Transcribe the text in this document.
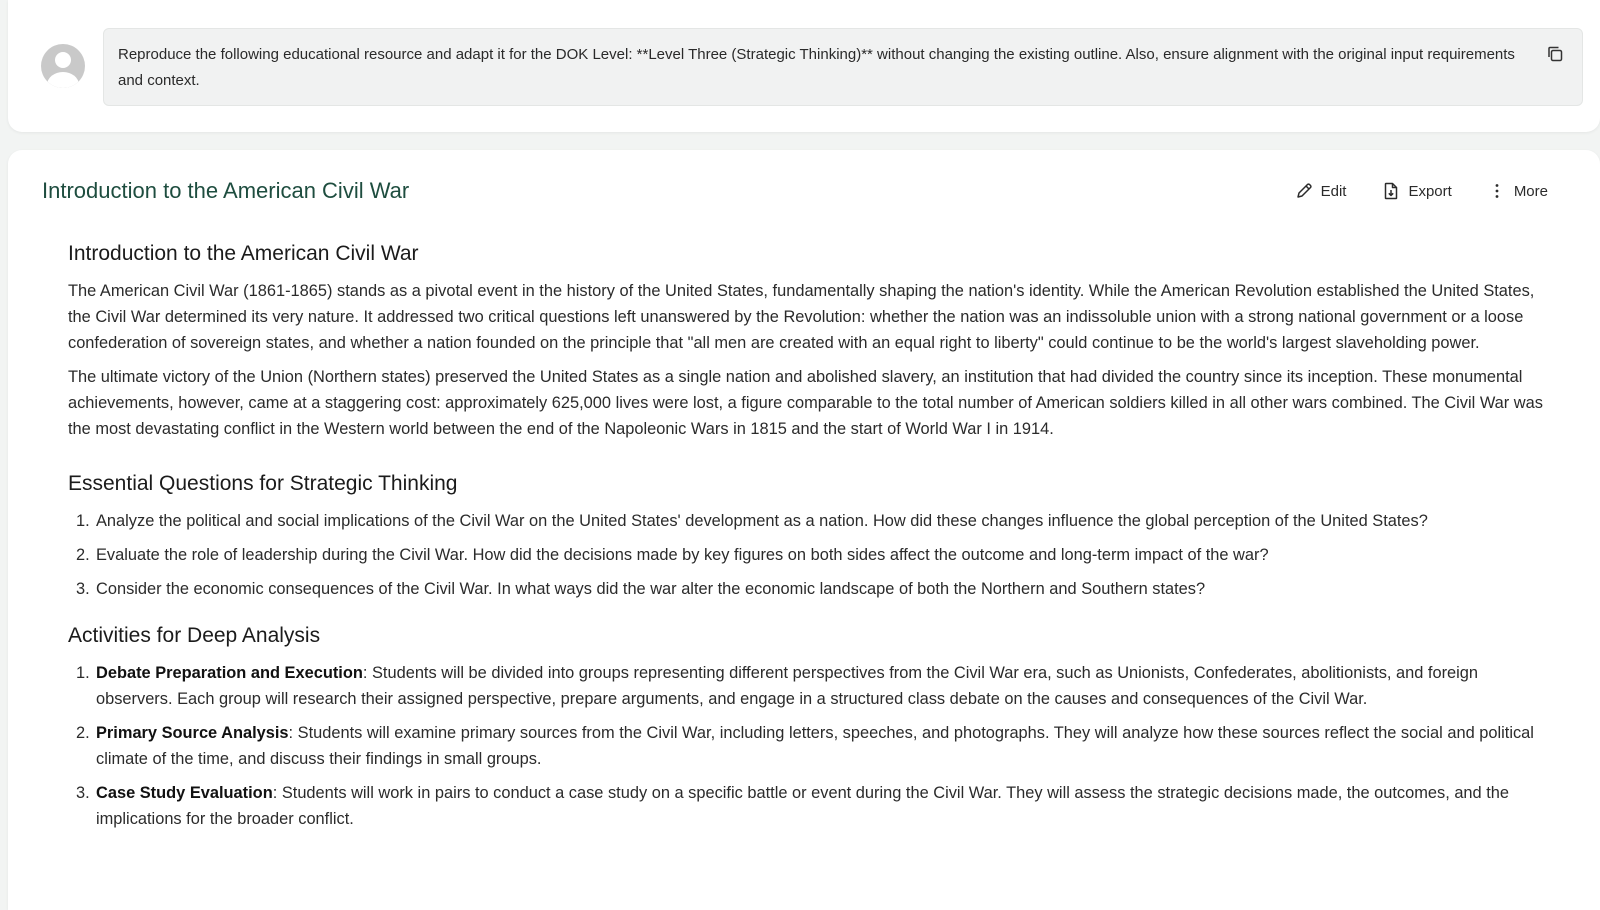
Reproduce the following educational resource and adapt it for the DOK Level: **Level Three (Strategic Thinking)** without changing the existing outline. Also, ensure alignment with the original input requirements and context.
Introduction to the American Civil War	Edit	Export	More
Introduction to the American Civil War

The American Civil War (1861-1865) stands as a pivotal event in the history of the United States, fundamentally shaping the nation's identity. While the American Revolution established the United States, the Civil War determined its very nature. It addressed two critical questions left unanswered by the Revolution: whether the nation was an indissoluble union with a strong national government or a loose confederation of sovereign states, and whether a nation founded on the principle that "all men are created with an equal right to liberty" could continue to be the world's largest slaveholding power.

The ultimate victory of the Union (Northern states) preserved the United States as a single nation and abolished slavery, an institution that had divided the country since its inception. These monumental achievements, however, came at a staggering cost: approximately 625,000 lives were lost, a figure comparable to the total number of American soldiers killed in all other wars combined. The Civil War was the most devastating conflict in the Western world between the end of the Napoleonic Wars in 1815 and the start of World War I in 1914.

Essential Questions for Strategic Thinking
1. Analyze the political and social implications of the Civil War on the United States' development as a nation. How did these changes influence the global perception of the United States?
2. Evaluate the role of leadership during the Civil War. How did the decisions made by key figures on both sides affect the outcome and long-term impact of the war?
3. Consider the economic consequences of the Civil War. In what ways did the war alter the economic landscape of both the Northern and Southern states?
Activities for Deep Analysis
1. Debate Preparation and Execution: Students will be divided into groups representing different perspectives from the Civil War era, such as Unionists, Confederates, abolitionists, and foreign observers. Each group will research their assigned perspective, prepare arguments, and engage in a structured class debate on the causes and consequences of the Civil War.
2. Primary Source Analysis: Students will examine primary sources from the Civil War, including letters, speeches, and photographs. They will analyze how these sources reflect the social and political climate of the time, and discuss their findings in small groups.
3. Case Study Evaluation: Students will work in pairs to conduct a case study on a specific battle or event during the Civil War. They will assess the strategic decisions made, the outcomes, and the implications for the broader conflict.
